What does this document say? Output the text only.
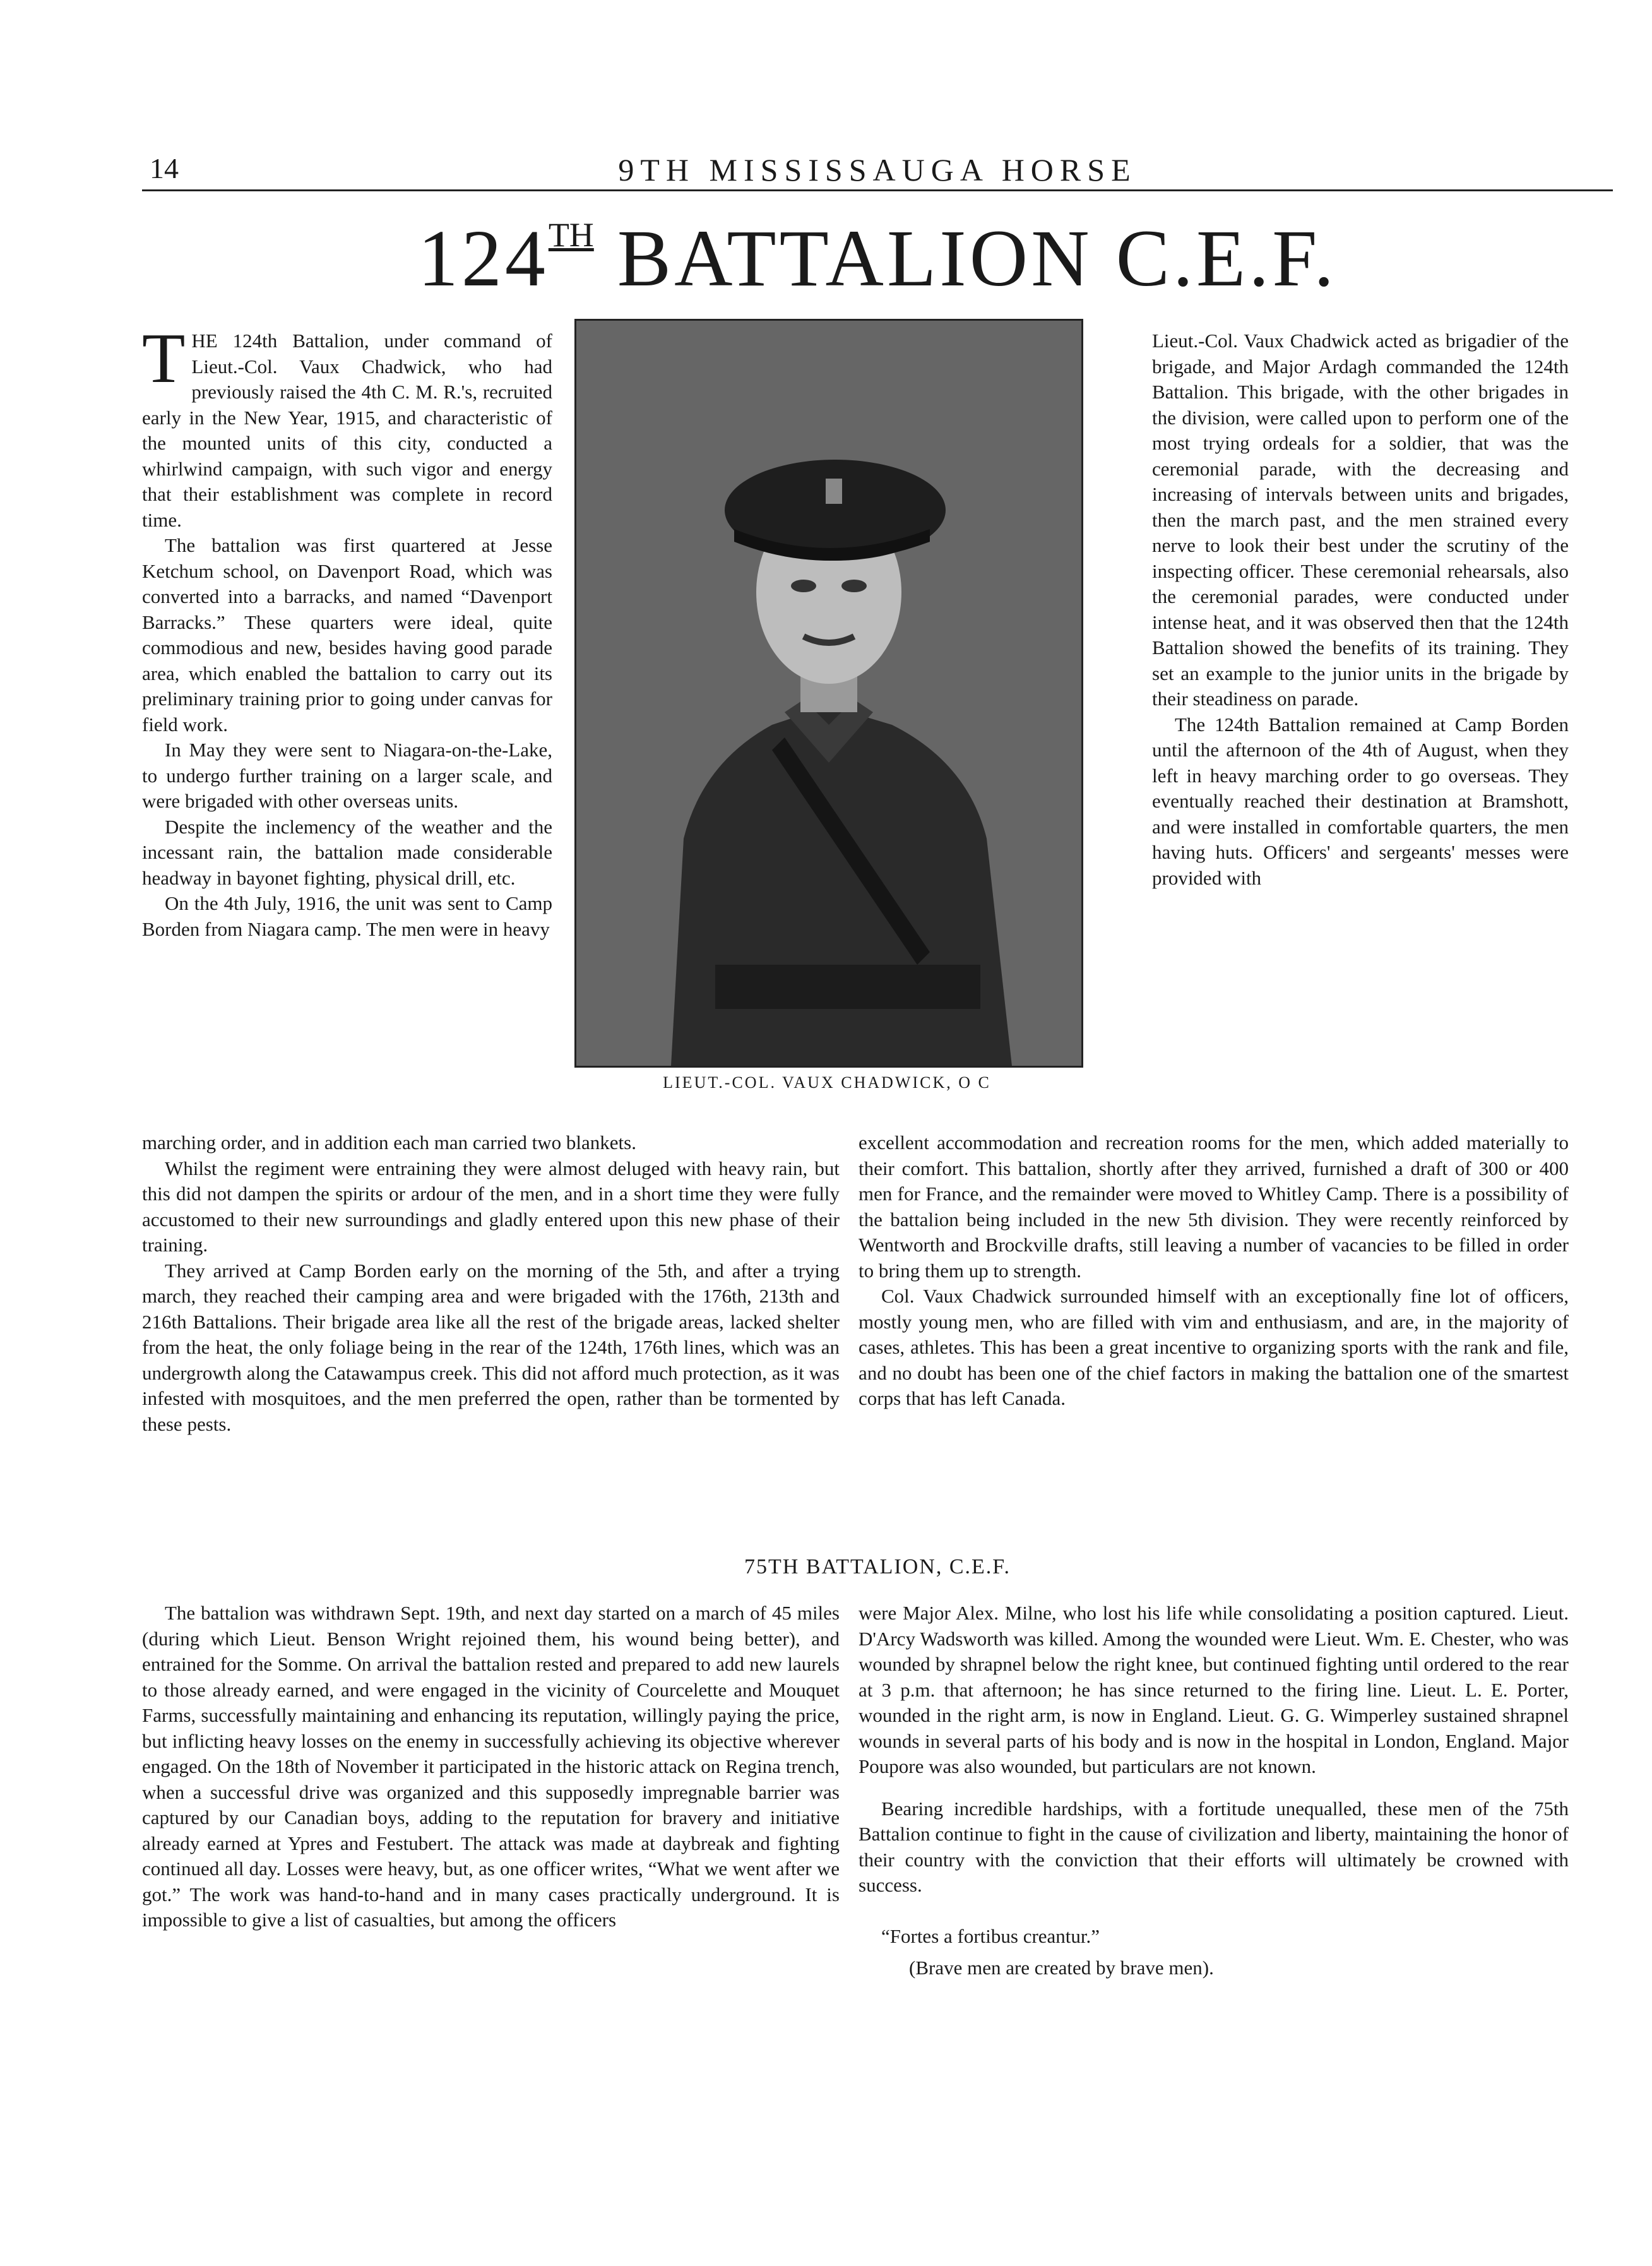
14	9TH MISSISSAUGA HORSE
124TH BATTALION C.E.F.

THE 124th Battalion, under command of Lieut.-Col. Vaux Chadwick, who had previously raised the 4th C. M. R.'s, recruited early in the New Year, 1915, and characteristic of the mounted units of this city, conducted a whirlwind campaign, with such vigor and energy that their establishment was complete in record time.

The battalion was first quartered at Jesse Ketchum school, on Davenport Road, which was converted into a barracks, and named “Davenport Barracks.” These quarters were ideal, quite commodious and new, besides having good parade area, which enabled the battalion to carry out its preliminary training prior to going under canvas for field work.

In May they were sent to Niagara-on-the-Lake, to undergo further training on a larger scale, and were brigaded with other overseas units.

Despite the inclemency of the weather and the incessant rain, the battalion made considerable headway in bayonet fighting, physical drill, etc.

On the 4th July, 1916, the unit was sent to Camp Borden from Niagara camp. The men were in heavy

LIEUT.-COL. VAUX CHADWICK, O C

Lieut.-Col. Vaux Chadwick acted as brigadier of the brigade, and Major Ardagh commanded the 124th Battalion. This brigade, with the other brigades in the division, were called upon to perform one of the most trying ordeals for a soldier, that was the ceremonial parade, with the decreasing and increasing of intervals between units and brigades, then the march past, and the men strained every nerve to look their best under the scrutiny of the inspecting officer. These ceremonial rehearsals, also the ceremonial parades, were conducted under intense heat, and it was observed then that the 124th Battalion showed the benefits of its training. They set an example to the junior units in the brigade by their steadiness on parade.

The 124th Battalion remained at Camp Borden until the afternoon of the 4th of August, when they left in heavy marching order to go overseas. They eventually reached their destination at Bramshott, and were installed in comfortable quarters, the men having huts. Officers' and sergeants' messes were provided with

marching order, and in addition each man carried two blankets.

Whilst the regiment were entraining they were almost deluged with heavy rain, but this did not dampen the spirits or ardour of the men, and in a short time they were fully accustomed to their new surroundings and gladly entered upon this new phase of their training.

They arrived at Camp Borden early on the morning of the 5th, and after a trying march, they reached their camping area and were brigaded with the 176th, 213th and 216th Battalions. Their brigade area like all the rest of the brigade areas, lacked shelter from the heat, the only foliage being in the rear of the 124th, 176th lines, which was an undergrowth along the Catawampus creek. This did not afford much protection, as it was infested with mosquitoes, and the men preferred the open, rather than be tormented by these pests.

excellent accommodation and recreation rooms for the men, which added materially to their comfort. This battalion, shortly after they arrived, furnished a draft of 300 or 400 men for France, and the remainder were moved to Whitley Camp. There is a possibility of the battalion being included in the new 5th division. They were recently reinforced by Wentworth and Brockville drafts, still leaving a number of vacancies to be filled in order to bring them up to strength.

Col. Vaux Chadwick surrounded himself with an exceptionally fine lot of officers, mostly young men, who are filled with vim and enthusiasm, and are, in the majority of cases, athletes. This has been a great incentive to organizing sports with the rank and file, and no doubt has been one of the chief factors in making the battalion one of the smartest corps that has left Canada.

75TH BATTALION, C.E.F.

The battalion was withdrawn Sept. 19th, and next day started on a march of 45 miles (during which Lieut. Benson Wright rejoined them, his wound being better), and entrained for the Somme. On arrival the battalion rested and prepared to add new laurels to those already earned, and were engaged in the vicinity of Courcelette and Mouquet Farms, successfully maintaining and enhancing its reputation, willingly paying the price, but inflicting heavy losses on the enemy in successfully achieving its objective wherever engaged. On the 18th of November it participated in the historic attack on Regina trench, when a successful drive was organized and this supposedly impregnable barrier was captured by our Canadian boys, adding to the reputation for bravery and initiative already earned at Ypres and Festubert. The attack was made at daybreak and fighting continued all day. Losses were heavy, but, as one officer writes, “What we went after we got.” The work was hand-to-hand and in many cases practically underground. It is impossible to give a list of casualties, but among the officers

were Major Alex. Milne, who lost his life while consolidating a position captured. Lieut. D'Arcy Wadsworth was killed. Among the wounded were Lieut. Wm. E. Chester, who was wounded by shrapnel below the right knee, but continued fighting until ordered to the rear at 3 p.m. that afternoon; he has since returned to the firing line. Lieut. L. E. Porter, wounded in the right arm, is now in England. Lieut. G. G. Wimperley sustained shrapnel wounds in several parts of his body and is now in the hospital in London, England. Major Poupore was also wounded, but particulars are not known.

Bearing incredible hardships, with a fortitude unequalled, these men of the 75th Battalion continue to fight in the cause of civilization and liberty, maintaining the honor of their country with the conviction that their efforts will ultimately be crowned with success.

“Fortes a fortibus creantur.”

(Brave men are created by brave men).
